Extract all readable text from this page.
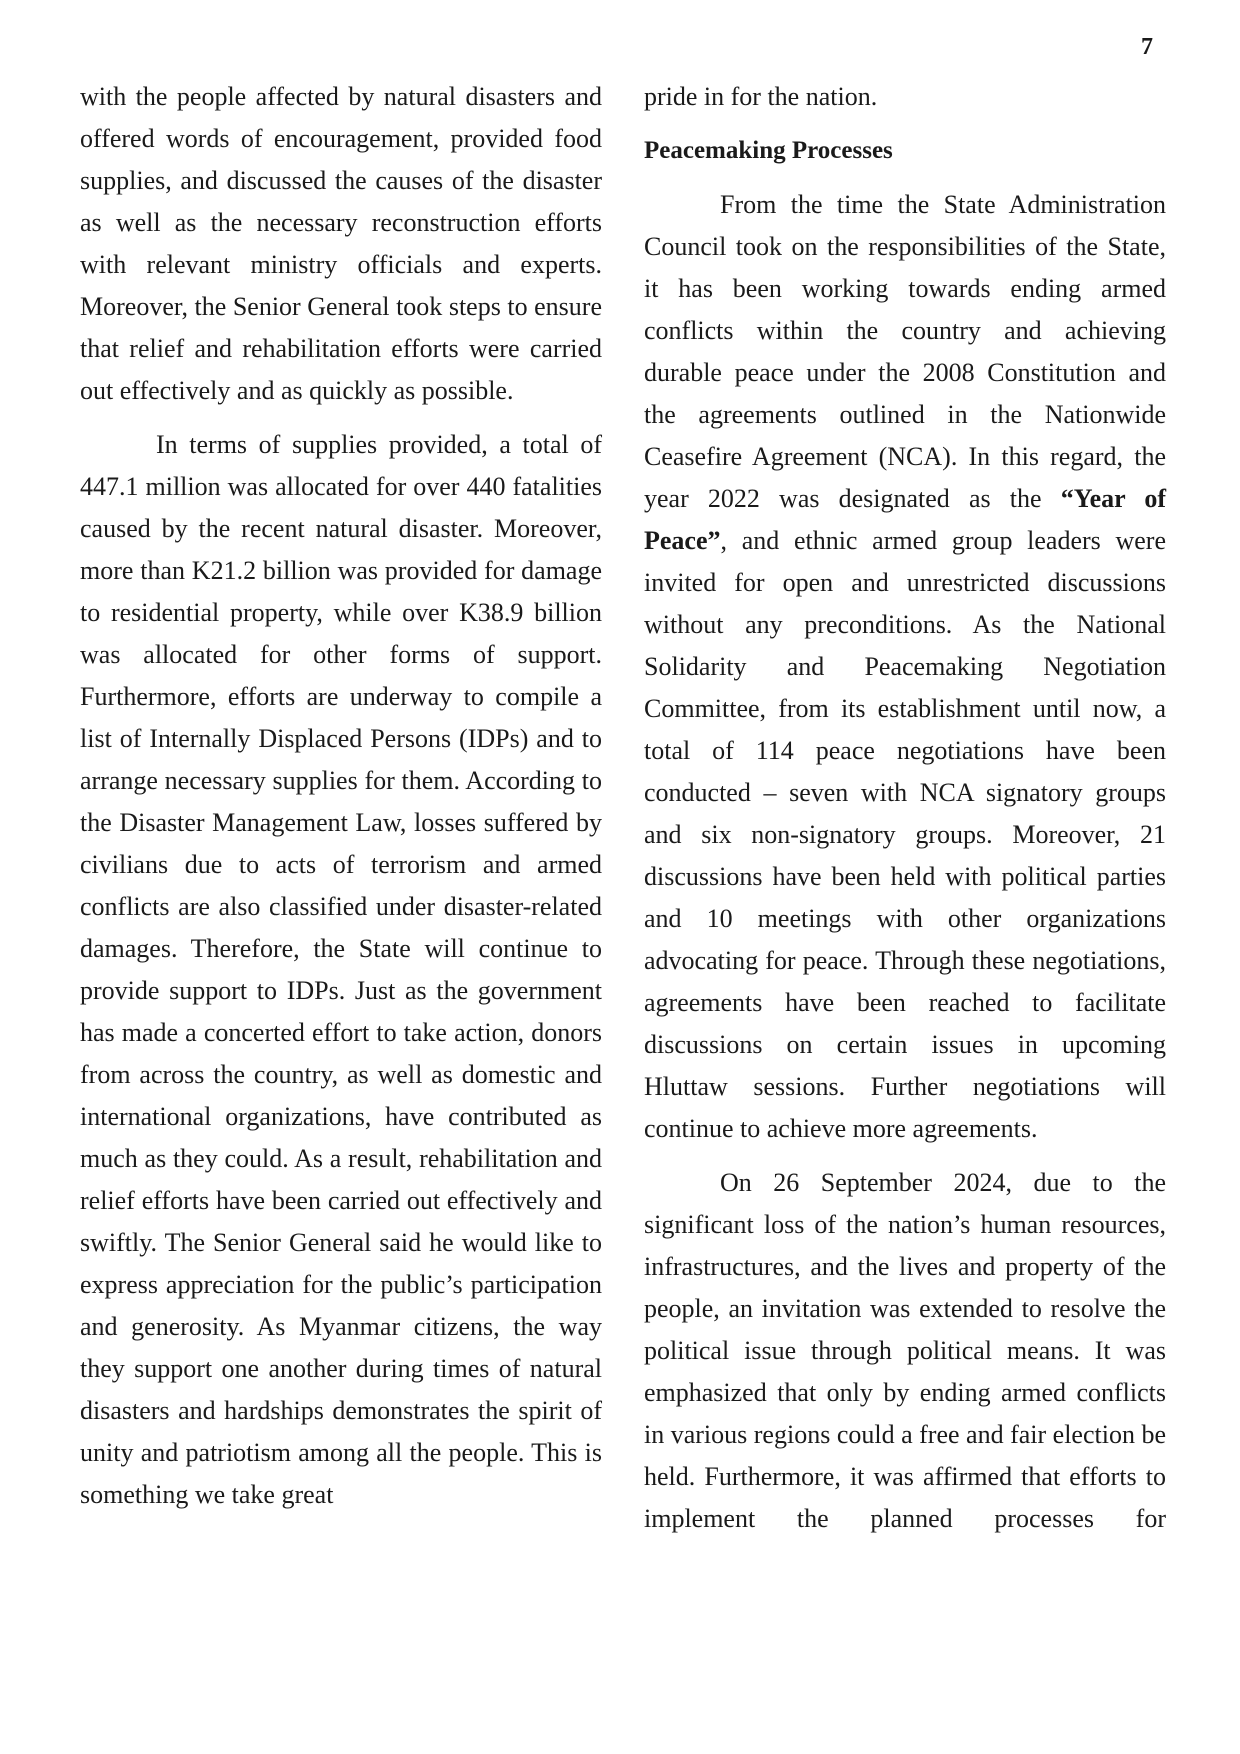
7

with the people affected by natural disasters and offered words of encouragement, provided food supplies, and discussed the causes of the disaster as well as the necessary reconstruction efforts with relevant ministry officials and experts. Moreover, the Senior General took steps to ensure that relief and rehabilitation efforts were carried out effectively and as quickly as possible.

In terms of supplies provided, a total of 447.1 million was allocated for over 440 fatalities caused by the recent natural disaster. Moreover, more than K21.2 billion was provided for damage to residential property, while over K38.9 billion was allocated for other forms of support. Furthermore, efforts are underway to compile a list of Internally Displaced Persons (IDPs) and to arrange necessary supplies for them. According to the Disaster Management Law, losses suffered by civilians due to acts of terrorism and armed conflicts are also classified under disaster-related damages. Therefore, the State will continue to provide support to IDPs. Just as the government has made a concerted effort to take action, donors from across the country, as well as domestic and international organizations, have contributed as much as they could. As a result, rehabilitation and relief efforts have been carried out effectively and swiftly. The Senior General said he would like to express appreciation for the public’s participation and generosity. As Myanmar citizens, the way they support one another during times of natural disasters and hardships demonstrates the spirit of unity and patriotism among all the people. This is something we take great

pride in for the nation.

Peacemaking Processes

From the time the State Administration Council took on the responsibilities of the State, it has been working towards ending armed conflicts within the country and achieving durable peace under the 2008 Constitution and the agreements outlined in the Nationwide Ceasefire Agreement (NCA). In this regard, the year 2022 was designated as the “Year of Peace”, and ethnic armed group leaders were invited for open and unrestricted discussions without any preconditions. As the National Solidarity and Peacemaking Negotiation Committee, from its establishment until now, a total of 114 peace negotiations have been conducted – seven with NCA signatory groups and six non-signatory groups. Moreover, 21 discussions have been held with political parties and 10 meetings with other organizations advocating for peace. Through these negotiations, agreements have been reached to facilitate discussions on certain issues in upcoming Hluttaw sessions. Further negotiations will continue to achieve more agreements.

On 26 September 2024, due to the significant loss of the nation’s human resources, infrastructures, and the lives and property of the people, an invitation was extended to resolve the political issue through political means. It was emphasized that only by ending armed conflicts in various regions could a free and fair election be held. Furthermore, it was affirmed that efforts to implement the planned processes for
